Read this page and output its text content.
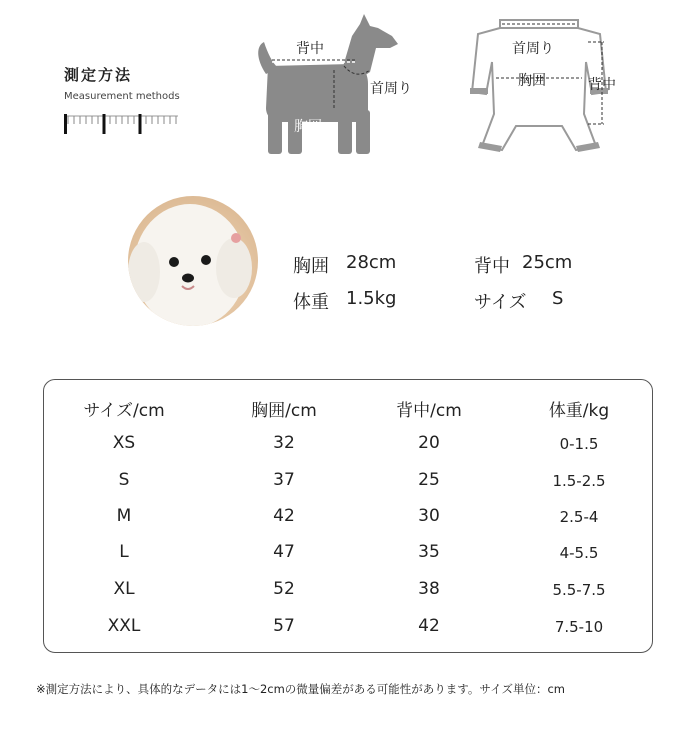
測定方法
Measurement methods
背中
首周り
胸囲
首周り
胸囲	背中
胸囲 28cm	背中 25cm
体重 1.5kg	サイズ S
サイズ/cm	胸囲/cm	背中/cm	体重/kg
XS	32	20	0-1.5
S	37	25	1.5-2.5
M	42	30	2.5-4
L	47	35	4-5.5
XL	52	38	5.5-7.5
XXL	57	42	7.5-10
※測定方法により、具体的なデータには1〜2cmの微量偏差がある可能性があります。サイズ単位：cm
